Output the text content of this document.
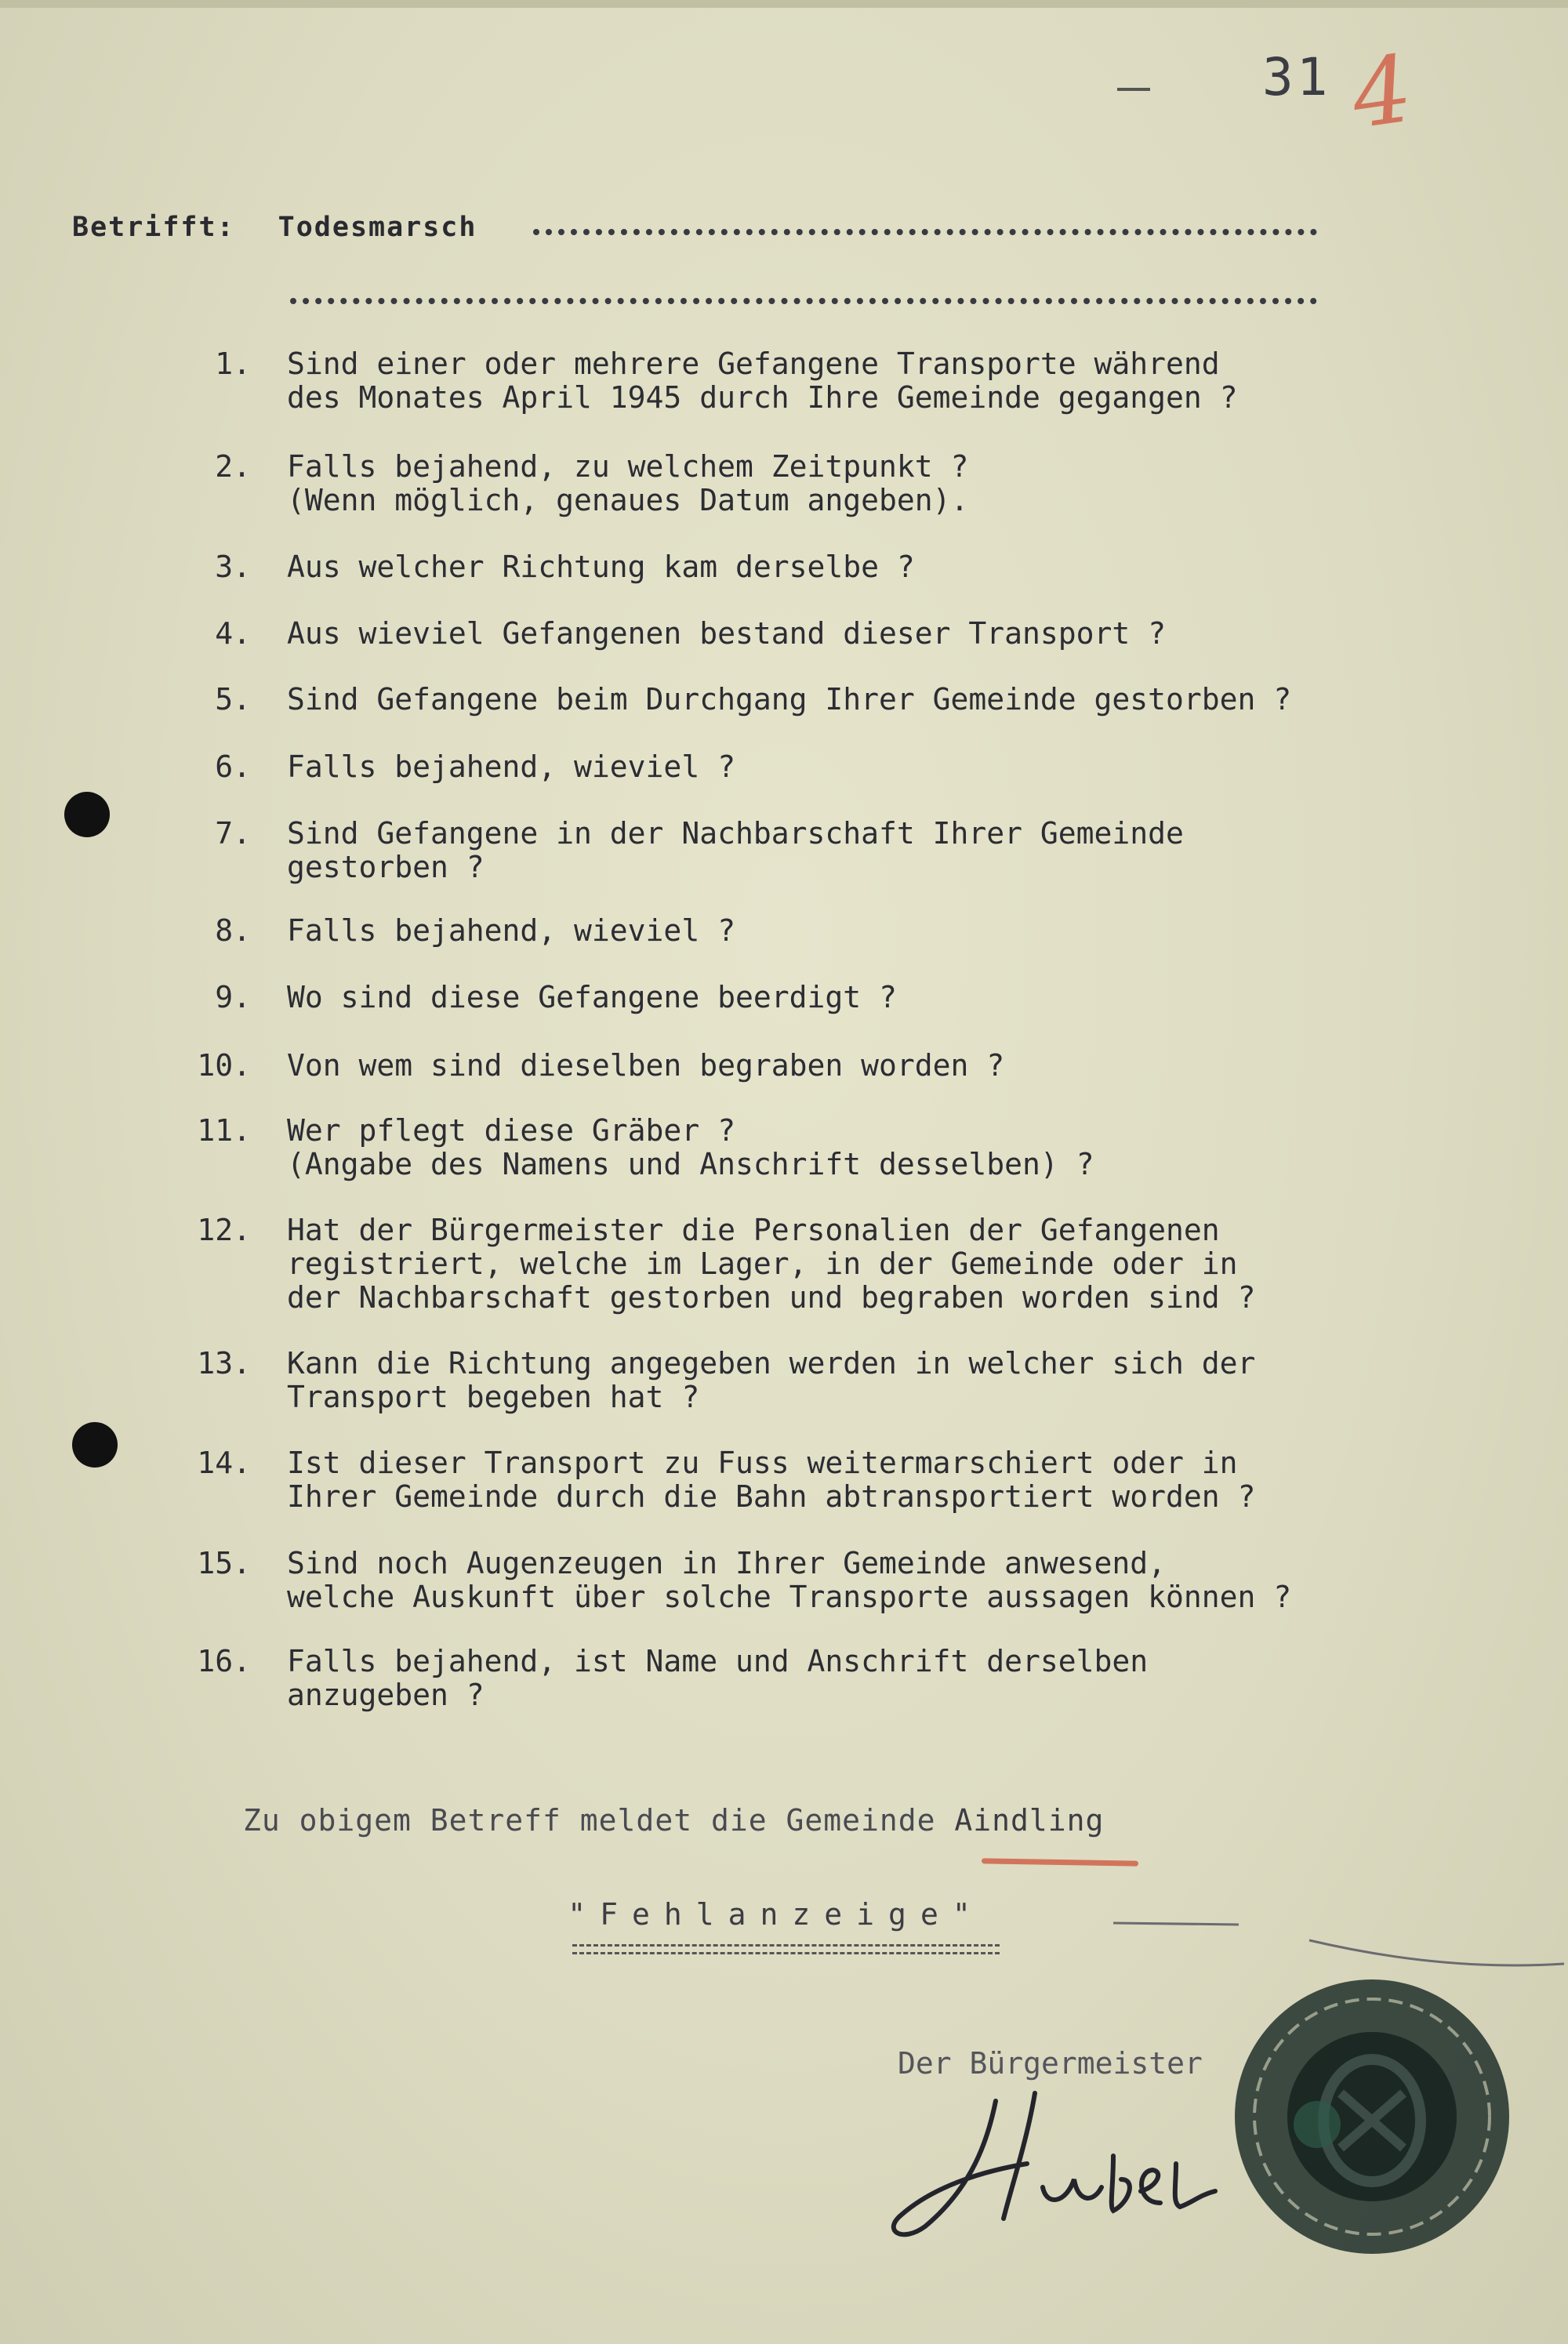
31 4
Betrifft: Todesmarsch
1. Sind einer oder mehrere Gefangene Transporte während
des Monates April 1945 durch Ihre Gemeinde gegangen ?
2. Falls bejahend, zu welchem Zeitpunkt ?
(Wenn möglich, genaues Datum angeben).
3. Aus welcher Richtung kam derselbe ?
4. Aus wieviel Gefangenen bestand dieser Transport ?
5. Sind Gefangene beim Durchgang Ihrer Gemeinde gestorben ?
6. Falls bejahend, wieviel ?
7. Sind Gefangene in der Nachbarschaft Ihrer Gemeinde
gestorben ?
8. Falls bejahend, wieviel ?
9. Wo sind diese Gefangene beerdigt ?
10. Von wem sind dieselben begraben worden ?
11. Wer pflegt diese Gräber ?
(Angabe des Namens und Anschrift desselben) ?
12. Hat der Bürgermeister die Personalien der Gefangenen
registriert, welche im Lager, in der Gemeinde oder in
der Nachbarschaft gestorben und begraben worden sind ?
13. Kann die Richtung angegeben werden in welcher sich der
Transport begeben hat ?
14. Ist dieser Transport zu Fuss weitermarschiert oder in
Ihrer Gemeinde durch die Bahn abtransportiert worden ?
15. Sind noch Augenzeugen in Ihrer Gemeinde anwesend,
welche Auskunft über solche Transporte aussagen können ?
16. Falls bejahend, ist Name und Anschrift derselben
anzugeben ?
Zu obigem Betreff meldet die Gemeinde Aindling
"Fehlanzeige"
Der Bürgermeister
